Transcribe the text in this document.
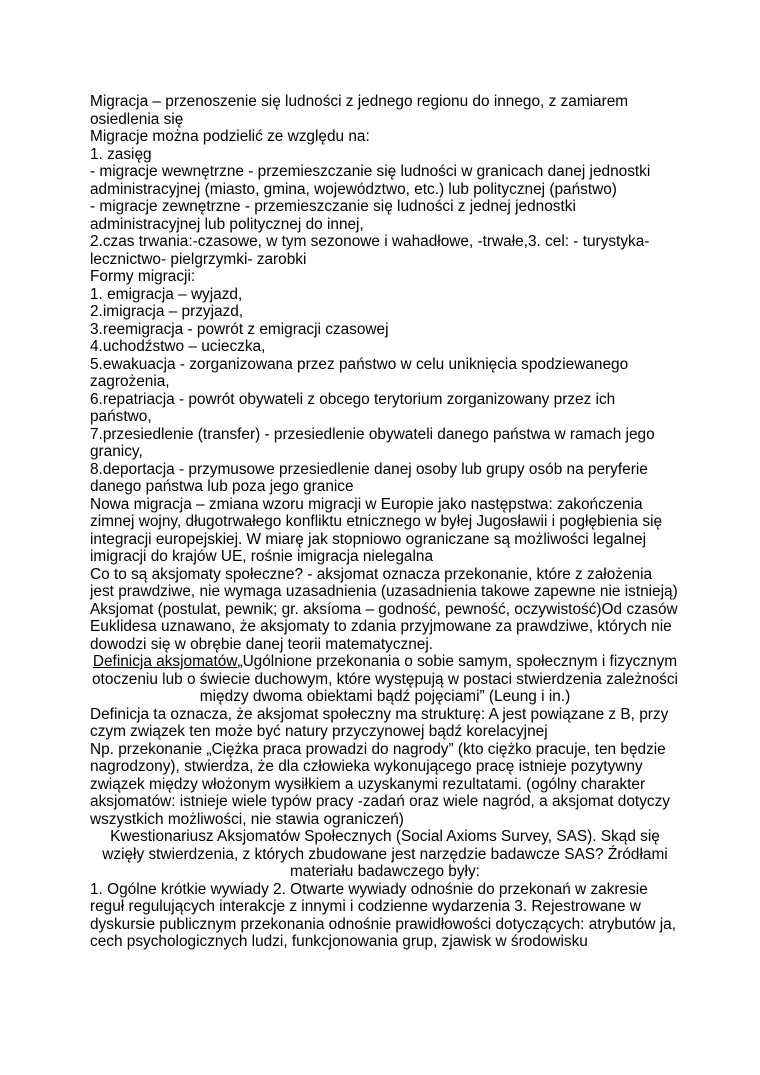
Migracja – przenoszenie się ludności z jednego regionu do innego, z zamiarem osiedlenia się

Migracje można podzielić ze względu na:

1. zasięg

- migracje wewnętrzne - przemieszczanie się ludności w granicach danej jednostki administracyjnej (miasto, gmina, województwo, etc.) lub politycznej (państwo)

- migracje zewnętrzne - przemieszczanie się ludności z jednej jednostki administracyjnej lub politycznej do innej,

2.czas trwania:-czasowe, w tym sezonowe i wahadłowe, -trwałe,3. cel: - turystyka-lecznictwo- pielgrzymki- zarobki

Formy migracji:

1. emigracja – wyjazd,

2.imigracja – przyjazd,

3.reemigracja - powrót z emigracji czasowej

4.uchodźstwo – ucieczka,

5.ewakuacja - zorganizowana przez państwo w celu uniknięcia spodziewanego zagrożenia,

6.repatriacja - powrót obywateli z obcego terytorium zorganizowany przez ich państwo,

7.przesiedlenie (transfer) - przesiedlenie obywateli danego państwa w ramach jego granicy,

8.deportacja - przymusowe przesiedlenie danej osoby lub grupy osób na peryferie danego państwa lub poza jego granice

Nowa migracja – zmiana wzoru migracji w Europie jako następstwa: zakończenia zimnej wojny, długotrwałego konfliktu etnicznego w byłej Jugosławii i pogłębienia się integracji europejskiej. W miarę jak stopniowo ograniczane są możliwości legalnej imigracji do krajów UE, rośnie imigracja nielegalna

Co to są aksjomaty społeczne? - aksjomat oznacza przekonanie, które z założenia jest prawdziwe, nie wymaga uzasadnienia (uzasadnienia takowe zapewne nie istnieją)

Aksjomat (postulat, pewnik; gr. aksíoma – godność, pewność, oczywistość)Od czasów Euklidesa uznawano, że aksjomaty to zdania przyjmowane za prawdziwe, których nie dowodzi się w obrębie danej teorii matematycznej.

Definicja aksjomatów„Ugólnione przekonania o sobie samym, społecznym i fizycznym otoczeniu lub o świecie duchowym, które występują w postaci stwierdzenia zależności między dwoma obiektami bądź pojęciami” (Leung i in.)

Definicja ta oznacza, że aksjomat społeczny ma strukturę: A jest powiązane z B, przy czym związek ten może być natury przyczynowej bądź korelacyjnej

Np. przekonanie „Ciężka praca prowadzi do nagrody” (kto ciężko pracuje, ten będzie nagrodzony), stwierdza, że dla człowieka wykonującego pracę istnieje pozytywny związek między włożonym wysiłkiem a uzyskanymi rezultatami. (ogólny charakter aksjomatów: istnieje wiele typów pracy -zadań oraz wiele nagród, a aksjomat dotyczy wszystkich możliwości, nie stawia ograniczeń)

Kwestionariusz Aksjomatów Społecznych (Social Axioms Survey, SAS). Skąd się wzięły stwierdzenia, z których zbudowane jest narzędzie badawcze SAS? Źródłami materiału badawczego były:

1. Ogólne krótkie wywiady 2. Otwarte wywiady odnośnie do przekonań w zakresie reguł regulujących interakcje z innymi i codzienne wydarzenia 3. Rejestrowane w dyskursie publicznym przekonania odnośnie prawidłowości dotyczących: atrybutów ja, cech psychologicznych ludzi, funkcjonowania grup, zjawisk w środowisku
